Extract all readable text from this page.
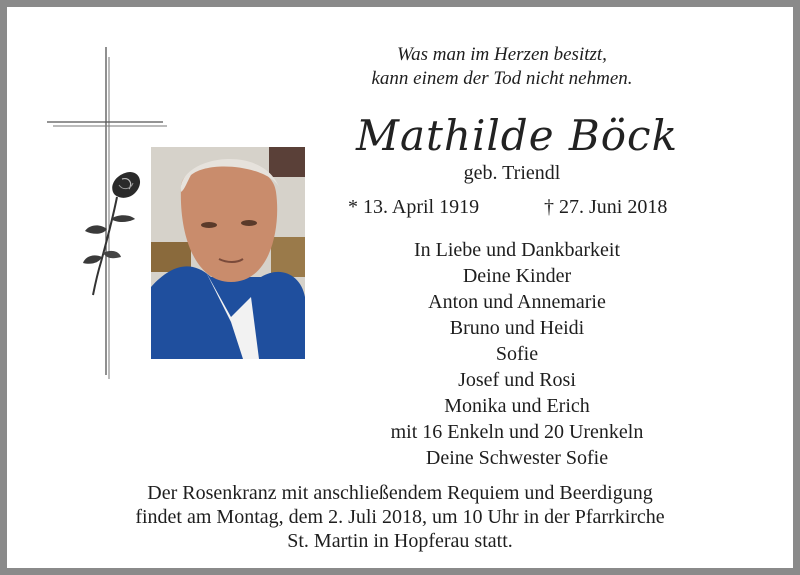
Was man im Herzen besitzt,
kann einem der Tod nicht nehmen.
Mathilde Böck
geb. Triendl
* 13. April 1919	† 27. Juni 2018
In Liebe und Dankbarkeit
Deine Kinder
Anton und Annemarie
Bruno und Heidi
Sofie
Josef und Rosi
Monika und Erich
mit 16 Enkeln und 20 Urenkeln
Deine Schwester Sofie
Der Rosenkranz mit anschließendem Requiem und Beerdigung
findet am Montag, dem 2. Juli 2018, um 10 Uhr in der Pfarrkirche
St. Martin in Hopferau statt.
